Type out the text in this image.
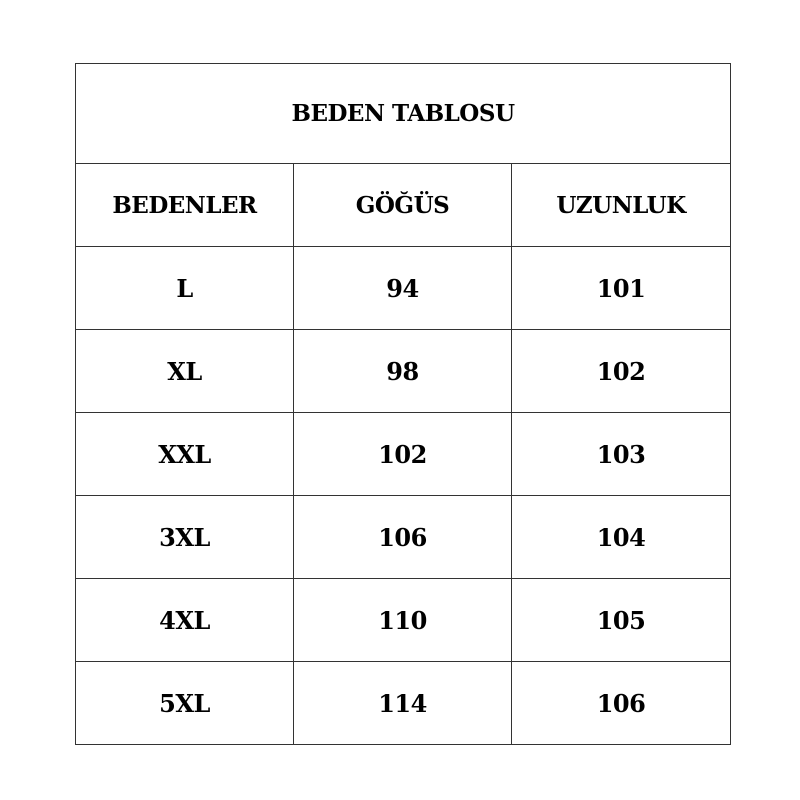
BEDEN TABLOSU		
BEDENLER	GÖĞÜS	UZUNLUK
L	94	101
XL	98	102
XXL	102	103
3XL	106	104
4XL	110	105
5XL	114	106
